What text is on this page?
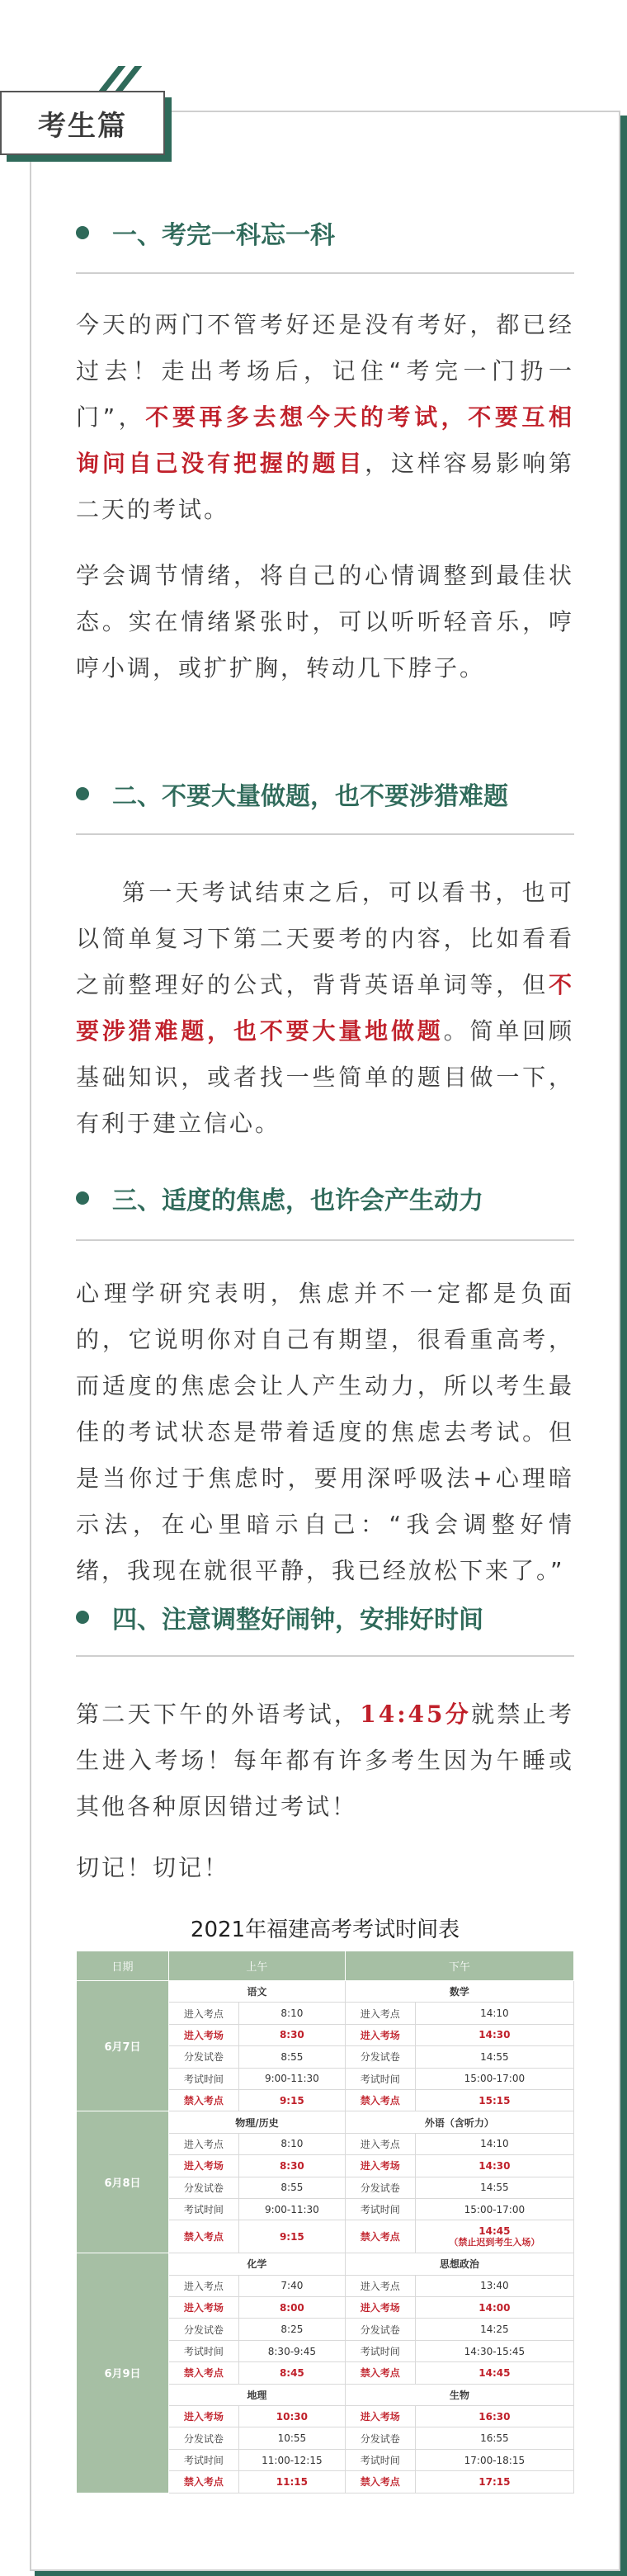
考生篇
一、考完一科忘一科
今天的两门不管考好还是没有考好，都已经过去！走出考场后，记住“考完一门扔一门”，不要再多去想今天的考试，不要互相询问自己没有把握的题目，这样容易影响第二天的考试。
学会调节情绪，将自己的心情调整到最佳状态。实在情绪紧张时，可以听听轻音乐，哼哼小调，或扩扩胸，转动几下脖子。
二、不要大量做题，也不要涉猎难题
第一天考试结束之后，可以看书，也可以简单复习下第二天要考的内容，比如看看之前整理好的公式，背背英语单词等，但不要涉猎难题，也不要大量地做题。简单回顾基础知识，或者找一些简单的题目做一下，有利于建立信心。
三、适度的焦虑，也许会产生动力
心理学研究表明，焦虑并不一定都是负面的，它说明你对自己有期望，很看重高考，而适度的焦虑会让人产生动力，所以考生最佳的考试状态是带着适度的焦虑去考试。但是当你过于焦虑时，要用深呼吸法+心理暗示法，在心里暗示自己：“我会调整好情绪，我现在就很平静，我已经放松下来了。”
四、注意调整好闹钟，安排好时间
第二天下午的外语考试，14:45分就禁止考生进入考场！每年都有许多考生因为午睡或其他各种原因错过考试！
切记！切记！
2021年福建高考考试时间表
日期	上午		下午	
6月7日	语文		数学	
	进入考点	8:10	进入考点	14:10
	进入考场	8:30	进入考场	14:30
	分发试卷	8:55	分发试卷	14:55
	考试时间	9:00-11:30	考试时间	15:00-17:00
	禁入考点	9:15	禁入考点	15:15
6月8日	物理/历史		外语（含听力）	
	进入考点	8:10	进入考点	14:10
	进入考场	8:30	进入考场	14:30
	分发试卷	8:55	分发试卷	14:55
	考试时间	9:00-11:30	考试时间	15:00-17:00
	禁入考点	9:15	禁入考点	14:45
（禁止迟到考生入场）

6月9日	化学		思想政治	
	进入考点	7:40	进入考点	13:40
	进入考场	8:00	进入考场	14:00
	分发试卷	8:25	分发试卷	14:25
	考试时间	8:30-9:45	考试时间	14:30-15:45
	禁入考点	8:45	禁入考点	14:45
	地理		生物	
	进入考场	10:30	进入考场	16:30
	分发试卷	10:55	分发试卷	16:55
	考试时间	11:00-12:15	考试时间	17:00-18:15
	禁入考点	11:15	禁入考点	17:15
